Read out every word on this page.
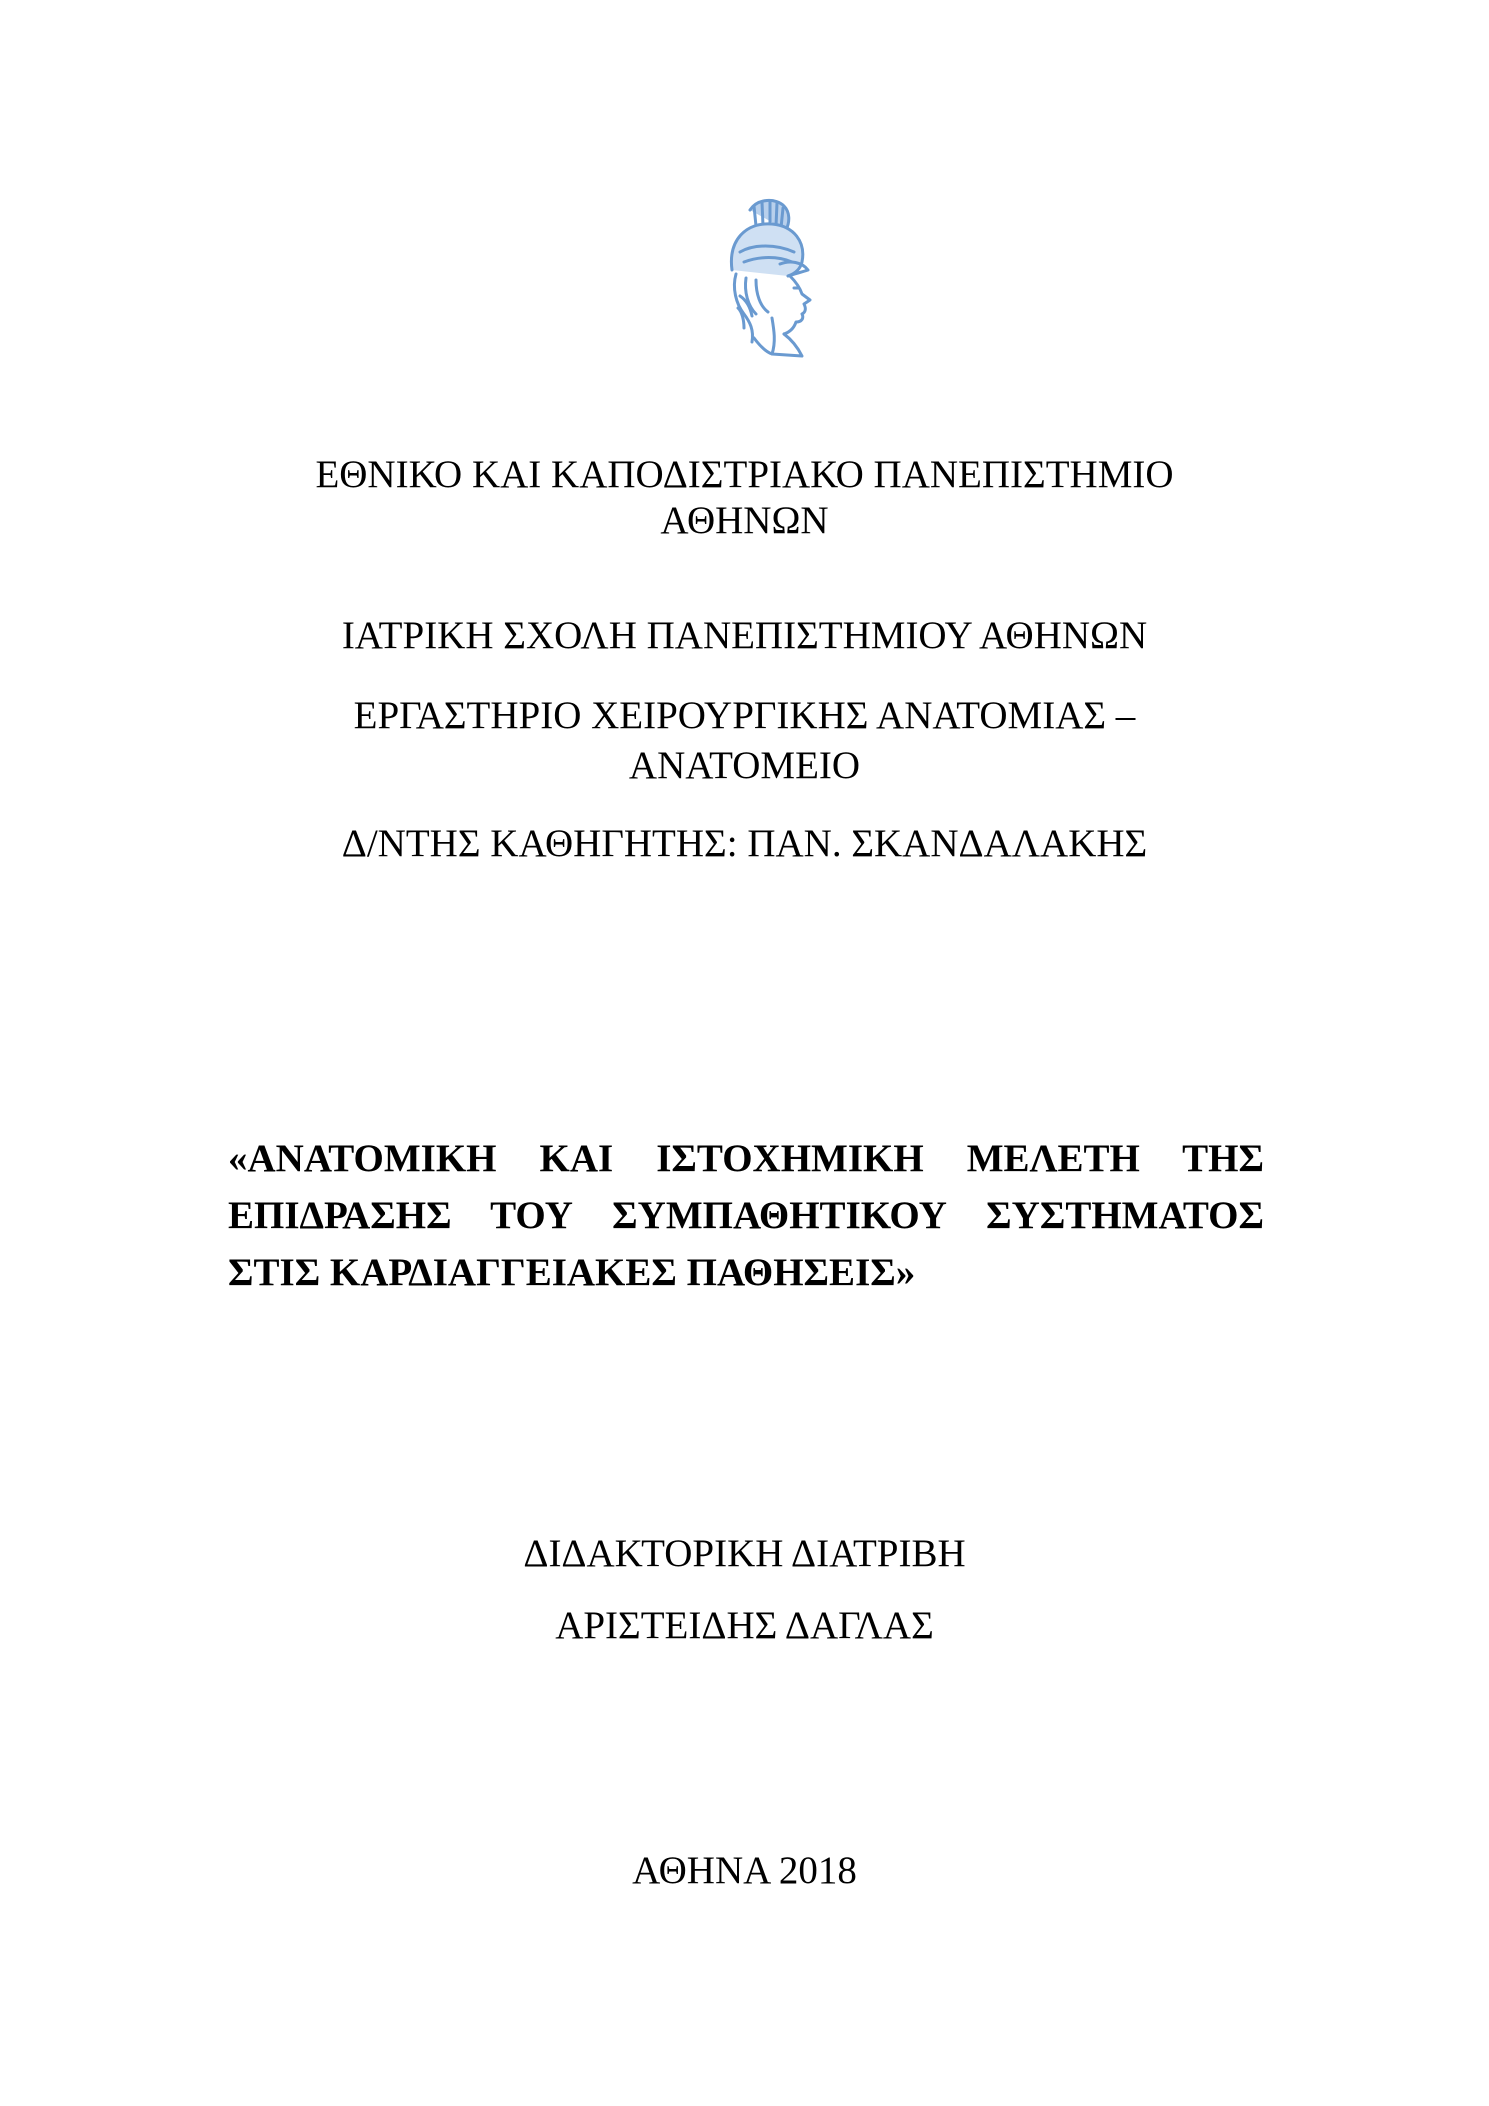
ΕΘΝΙΚΟ ΚΑΙ ΚΑΠΟΔΙΣΤΡΙΑΚΟ ΠΑΝΕΠΙΣΤΗΜΙΟ
ΑΘΗΝΩΝ
ΙΑΤΡΙΚΗ ΣΧΟΛΗ ΠΑΝΕΠΙΣΤΗΜΙΟΥ ΑΘΗΝΩΝ
ΕΡΓΑΣΤΗΡΙΟ ΧΕΙΡΟΥΡΓΙΚΗΣ ΑΝΑΤΟΜΙΑΣ –
ΑΝΑΤΟΜΕΙΟ
Δ/ΝΤΗΣ ΚΑΘΗΓΗΤΗΣ: ΠΑΝ. ΣΚΑΝΔΑΛΑΚΗΣ
«ΑΝΑΤΟΜΙΚΗ ΚΑΙ ΙΣΤΟΧΗΜΙΚΗ ΜΕΛΕΤΗ ΤΗΣ
ΕΠΙΔΡΑΣΗΣ ΤΟΥ ΣΥΜΠΑΘΗΤΙΚΟΥ ΣΥΣΤΗΜΑΤΟΣ
ΣΤΙΣ ΚΑΡΔΙΑΓΓΕΙΑΚΕΣ ΠΑΘΗΣΕΙΣ»
ΔΙΔΑΚΤΟΡΙΚΗ ΔΙΑΤΡΙΒΗ
ΑΡΙΣΤΕΙΔΗΣ ΔΑΓΛΑΣ
ΑΘΗΝΑ 2018
